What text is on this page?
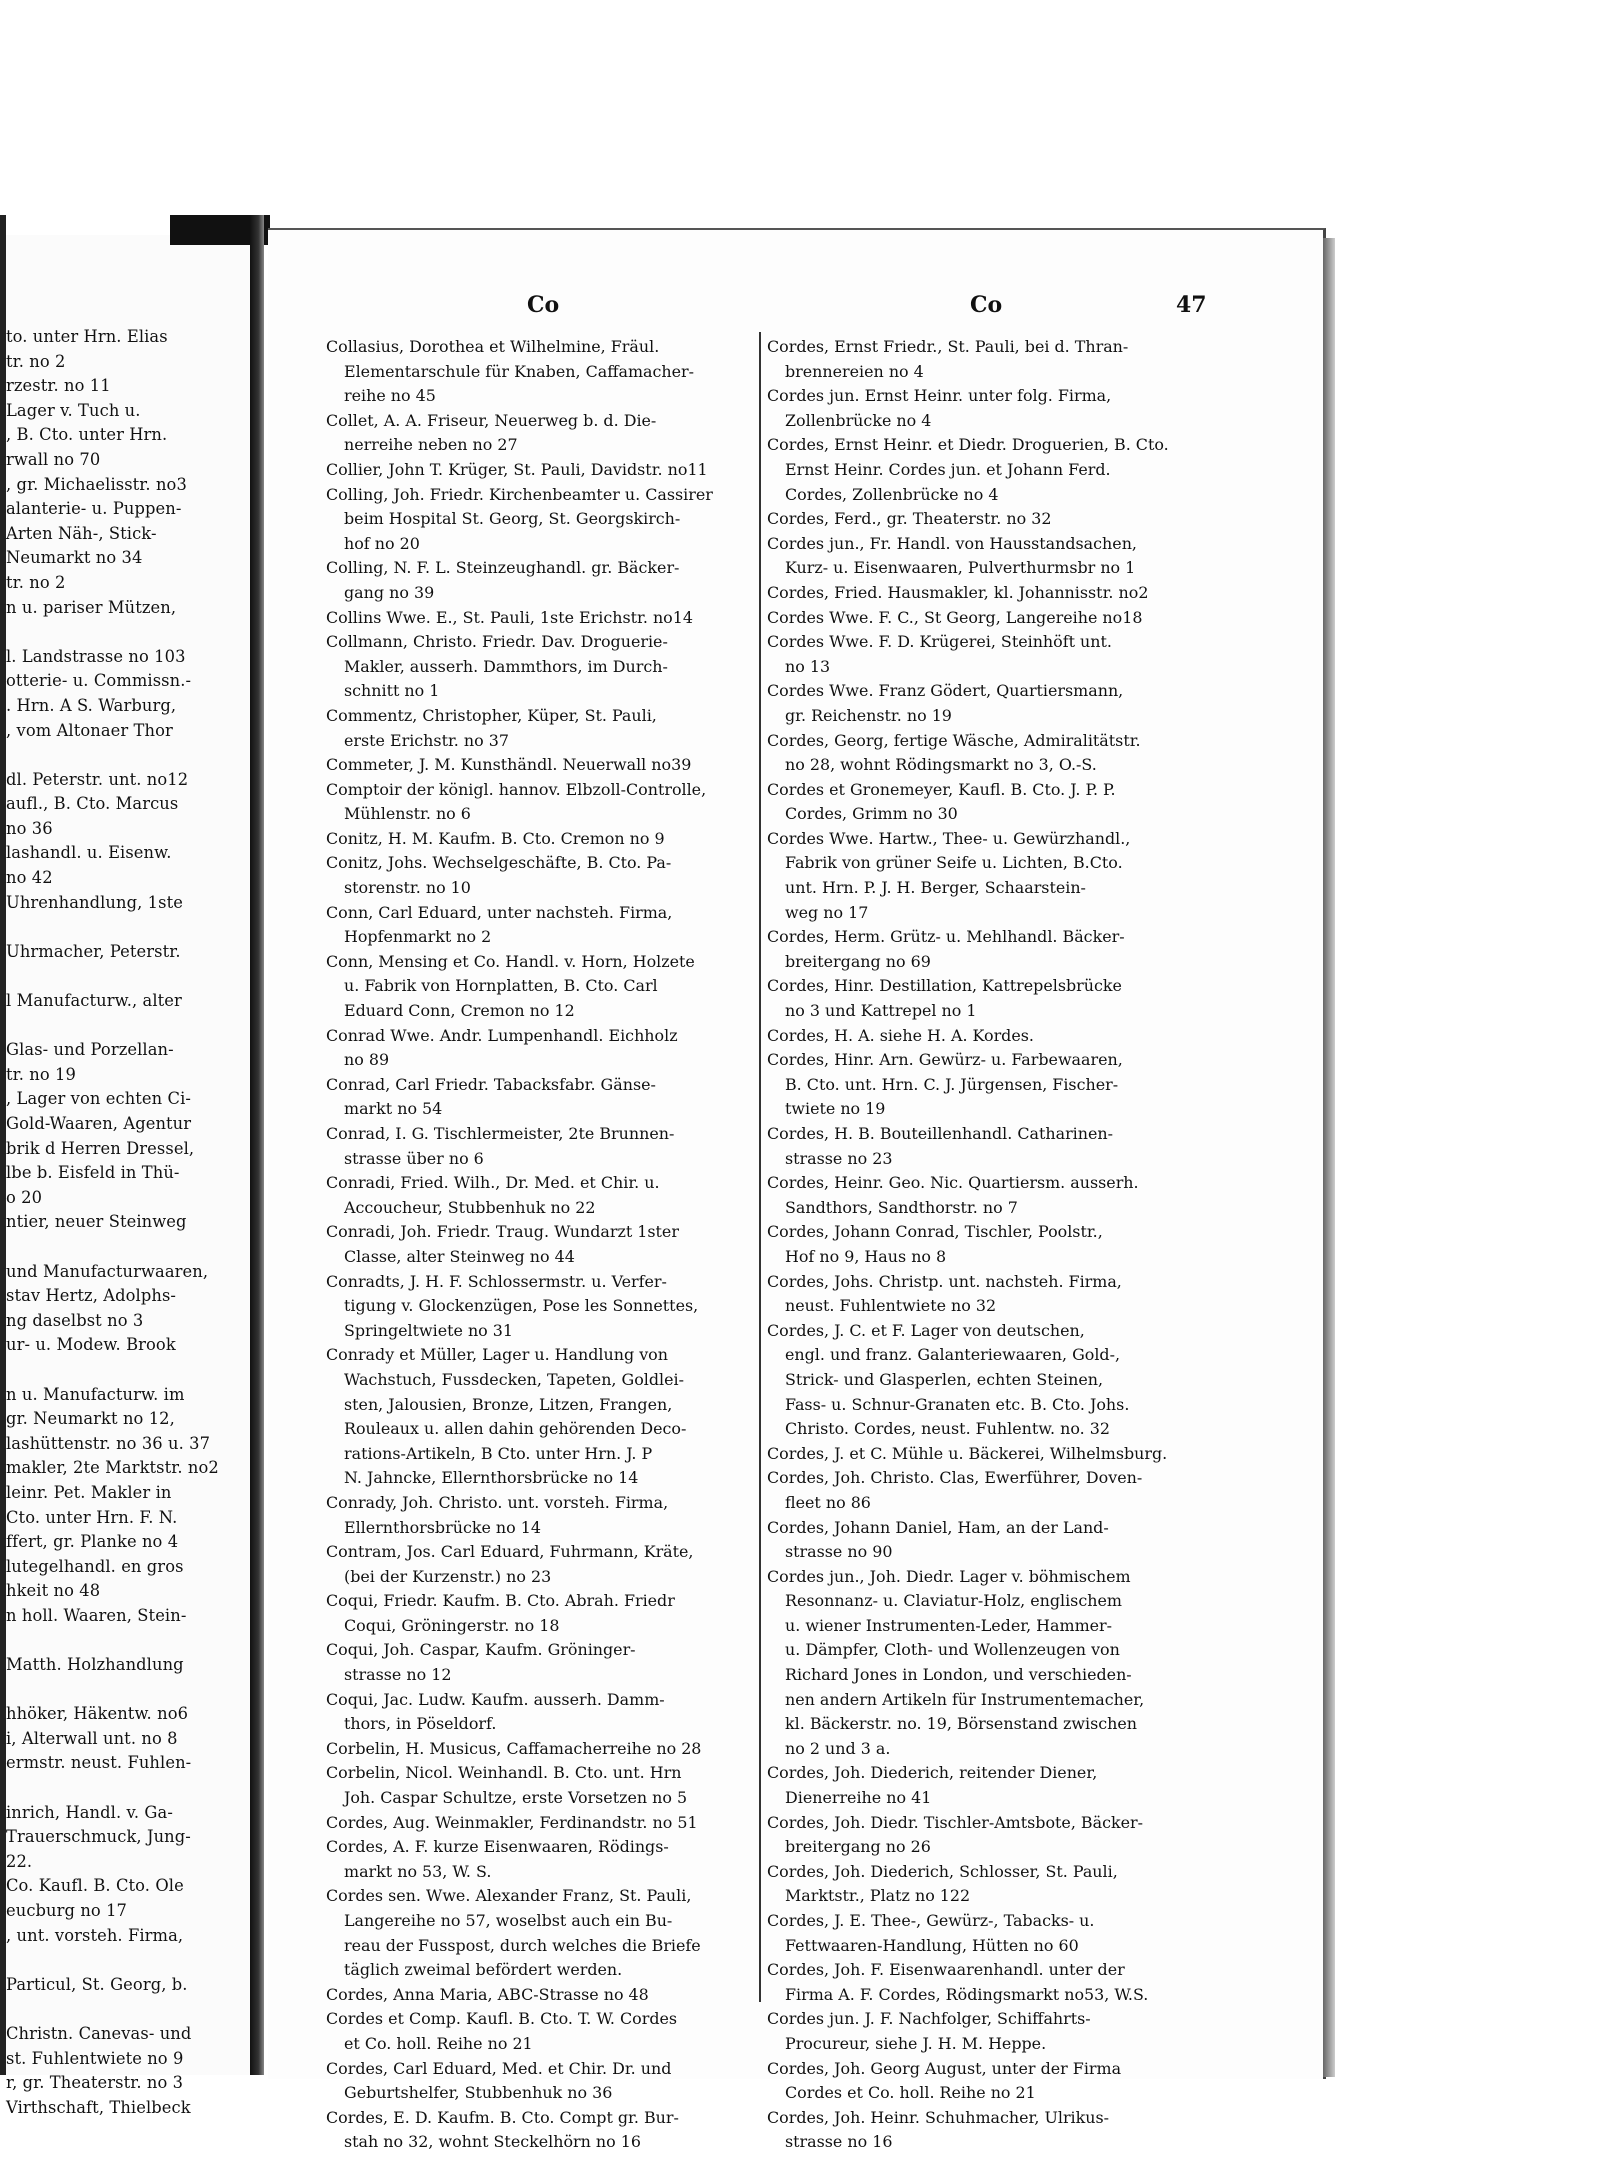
to. unter Hrn. Elias
tr. no 2
rzestr. no 11
Lager v. Tuch u.
, B. Cto. unter Hrn.
rwall no 70
, gr. Michaelisstr. no3
alanterie- u. Puppen-
Arten Näh-, Stick-
Neumarkt no 34
tr. no 2
n u. pariser Mützen,

l. Landstrasse no 103
otterie- u. Commissn.-
. Hrn. A S. Warburg,
, vom Altonaer Thor

dl. Peterstr. unt. no12
aufl., B. Cto. Marcus
no 36
lashandl. u. Eisenw.
no 42
Uhrenhandlung, 1ste

Uhrmacher, Peterstr.

l Manufacturw., alter

Glas- und Porzellan-
tr. no 19
, Lager von echten Ci-
Gold-Waaren, Agentur
brik d Herren Dressel,
lbe b. Eisfeld in Thü-
o 20
ntier, neuer Steinweg

und Manufacturwaaren,
stav Hertz, Adolphs-
ng daselbst no 3
ur- u. Modew. Brook

n u. Manufacturw. im
gr. Neumarkt no 12,
lashüttenstr. no 36 u. 37
makler, 2te Marktstr. no2
leinr. Pet. Makler in
Cto. unter Hrn. F. N.
ffert, gr. Planke no 4
lutegelhandl. en gros
hkeit no 48
n holl. Waaren, Stein-

Matth. Holzhandlung

hhöker, Häkentw. no6
i, Alterwall unt. no 8
ermstr. neust. Fuhlen-

inrich, Handl. v. Ga-
Trauerschmuck, Jung-
22.
Co. Kaufl. B. Cto. Ole
eucburg no 17
, unt. vorsteh. Firma,

Particul, St. Georg, b.

Christn. Canevas- und
st. Fuhlentwiete no 9
r, gr. Theaterstr. no 3
Virthschaft, Thielbeck
Co	Co	47
Collasius, Dorothea et Wilhelmine, Fräul.
Elementarschule für Knaben, Caffamacher-
reihe no 45
Collet, A. A. Friseur, Neuerweg b. d. Die-
nerreihe neben no 27
Collier, John T. Krüger, St. Pauli, Davidstr. no11
Colling, Joh. Friedr. Kirchenbeamter u. Cassirer
beim Hospital St. Georg, St. Georgskirch-
hof no 20
Colling, N. F. L. Steinzeughandl. gr. Bäcker-
gang no 39
Collins Wwe. E., St. Pauli, 1ste Erichstr. no14
Collmann, Christo. Friedr. Dav. Droguerie-
Makler, ausserh. Dammthors, im Durch-
schnitt no 1
Commentz, Christopher, Küper, St. Pauli,
erste Erichstr. no 37
Commeter, J. M. Kunsthändl. Neuerwall no39
Comptoir der königl. hannov. Elbzoll-Controlle,
Mühlenstr. no 6
Conitz, H. M. Kaufm. B. Cto. Cremon no 9
Conitz, Johs. Wechselgeschäfte, B. Cto. Pa-
storenstr. no 10
Conn, Carl Eduard, unter nachsteh. Firma,
Hopfenmarkt no 2
Conn, Mensing et Co. Handl. v. Horn, Holzete
u. Fabrik von Hornplatten, B. Cto. Carl
Eduard Conn, Cremon no 12
Conrad Wwe. Andr. Lumpenhandl. Eichholz
no 89
Conrad, Carl Friedr. Tabacksfabr. Gänse-
markt no 54
Conrad, I. G. Tischlermeister, 2te Brunnen-
strasse über no 6
Conradi, Fried. Wilh., Dr. Med. et Chir. u.
Accoucheur, Stubbenhuk no 22
Conradi, Joh. Friedr. Traug. Wundarzt 1ster
Classe, alter Steinweg no 44
Conradts, J. H. F. Schlossermstr. u. Verfer-
tigung v. Glockenzügen, Pose les Sonnettes,
Springeltwiete no 31
Conrady et Müller, Lager u. Handlung von
Wachstuch, Fussdecken, Tapeten, Goldlei-
sten, Jalousien, Bronze, Litzen, Frangen,
Rouleaux u. allen dahin gehörenden Deco-
rations-Artikeln, B Cto. unter Hrn. J. P
N. Jahncke, Ellernthorsbrücke no 14
Conrady, Joh. Christo. unt. vorsteh. Firma,
Ellernthorsbrücke no 14
Contram, Jos. Carl Eduard, Fuhrmann, Kräte,
(bei der Kurzenstr.) no 23
Coqui, Friedr. Kaufm. B. Cto. Abrah. Friedr
Coqui, Gröningerstr. no 18
Coqui, Joh. Caspar, Kaufm. Gröninger-
strasse no 12
Coqui, Jac. Ludw. Kaufm. ausserh. Damm-
thors, in Pöseldorf.
Corbelin, H. Musicus, Caffamacherreihe no 28
Corbelin, Nicol. Weinhandl. B. Cto. unt. Hrn
Joh. Caspar Schultze, erste Vorsetzen no 5
Cordes, Aug. Weinmakler, Ferdinandstr. no 51
Cordes, A. F. kurze Eisenwaaren, Rödings-
markt no 53, W. S.
Cordes sen. Wwe. Alexander Franz, St. Pauli,
Langereihe no 57, woselbst auch ein Bu-
reau der Fusspost, durch welches die Briefe
täglich zweimal befördert werden.
Cordes, Anna Maria, ABC-Strasse no 48
Cordes et Comp. Kaufl. B. Cto. T. W. Cordes
et Co. holl. Reihe no 21
Cordes, Carl Eduard, Med. et Chir. Dr. und
Geburtshelfer, Stubbenhuk no 36
Cordes, E. D. Kaufm. B. Cto. Compt gr. Bur-
stah no 32, wohnt Steckelhörn no 16
Cordes, Ernst Friedr., St. Pauli, bei d. Thran-
brennereien no 4
Cordes jun. Ernst Heinr. unter folg. Firma,
Zollenbrücke no 4
Cordes, Ernst Heinr. et Diedr. Droguerien, B. Cto.
Ernst Heinr. Cordes jun. et Johann Ferd.
Cordes, Zollenbrücke no 4
Cordes, Ferd., gr. Theaterstr. no 32
Cordes jun., Fr. Handl. von Hausstandsachen,
Kurz- u. Eisenwaaren, Pulverthurmsbr no 1
Cordes, Fried. Hausmakler, kl. Johannisstr. no2
Cordes Wwe. F. C., St Georg, Langereihe no18
Cordes Wwe. F. D. Krügerei, Steinhöft unt.
no 13
Cordes Wwe. Franz Gödert, Quartiersmann,
gr. Reichenstr. no 19
Cordes, Georg, fertige Wäsche, Admiralitätstr.
no 28, wohnt Rödingsmarkt no 3, O.-S.
Cordes et Gronemeyer, Kaufl. B. Cto. J. P. P.
Cordes, Grimm no 30
Cordes Wwe. Hartw., Thee- u. Gewürzhandl.,
Fabrik von grüner Seife u. Lichten, B.Cto.
unt. Hrn. P. J. H. Berger, Schaarstein-
weg no 17
Cordes, Herm. Grütz- u. Mehlhandl. Bäcker-
breitergang no 69
Cordes, Hinr. Destillation, Kattrepelsbrücke
no 3 und Kattrepel no 1
Cordes, H. A. siehe H. A. Kordes.
Cordes, Hinr. Arn. Gewürz- u. Farbewaaren,
B. Cto. unt. Hrn. C. J. Jürgensen, Fischer-
twiete no 19
Cordes, H. B. Bouteillenhandl. Catharinen-
strasse no 23
Cordes, Heinr. Geo. Nic. Quartiersm. ausserh.
Sandthors, Sandthorstr. no 7
Cordes, Johann Conrad, Tischler, Poolstr.,
Hof no 9, Haus no 8
Cordes, Johs. Christp. unt. nachsteh. Firma,
neust. Fuhlentwiete no 32
Cordes, J. C. et F. Lager von deutschen,
engl. und franz. Galanteriewaaren, Gold-,
Strick- und Glasperlen, echten Steinen,
Fass- u. Schnur-Granaten etc. B. Cto. Johs.
Christo. Cordes, neust. Fuhlentw. no. 32
Cordes, J. et C. Mühle u. Bäckerei, Wilhelmsburg.
Cordes, Joh. Christo. Clas, Ewerführer, Doven-
fleet no 86
Cordes, Johann Daniel, Ham, an der Land-
strasse no 90
Cordes jun., Joh. Diedr. Lager v. böhmischem
Resonnanz- u. Claviatur-Holz, englischem
u. wiener Instrumenten-Leder, Hammer-
u. Dämpfer, Cloth- und Wollenzeugen von
Richard Jones in London, und verschieden-
nen andern Artikeln für Instrumentemacher,
kl. Bäckerstr. no. 19, Börsenstand zwischen
no 2 und 3 a.
Cordes, Joh. Diederich, reitender Diener,
Dienerreihe no 41
Cordes, Joh. Diedr. Tischler-Amtsbote, Bäcker-
breitergang no 26
Cordes, Joh. Diederich, Schlosser, St. Pauli,
Marktstr., Platz no 122
Cordes, J. E. Thee-, Gewürz-, Tabacks- u.
Fettwaaren-Handlung, Hütten no 60
Cordes, Joh. F. Eisenwaarenhandl. unter der
Firma A. F. Cordes, Rödingsmarkt no53, W.S.
Cordes jun. J. F. Nachfolger, Schiffahrts-
Procureur, siehe J. H. M. Heppe.
Cordes, Joh. Georg August, unter der Firma
Cordes et Co. holl. Reihe no 21
Cordes, Joh. Heinr. Schuhmacher, Ulrikus-
strasse no 16
